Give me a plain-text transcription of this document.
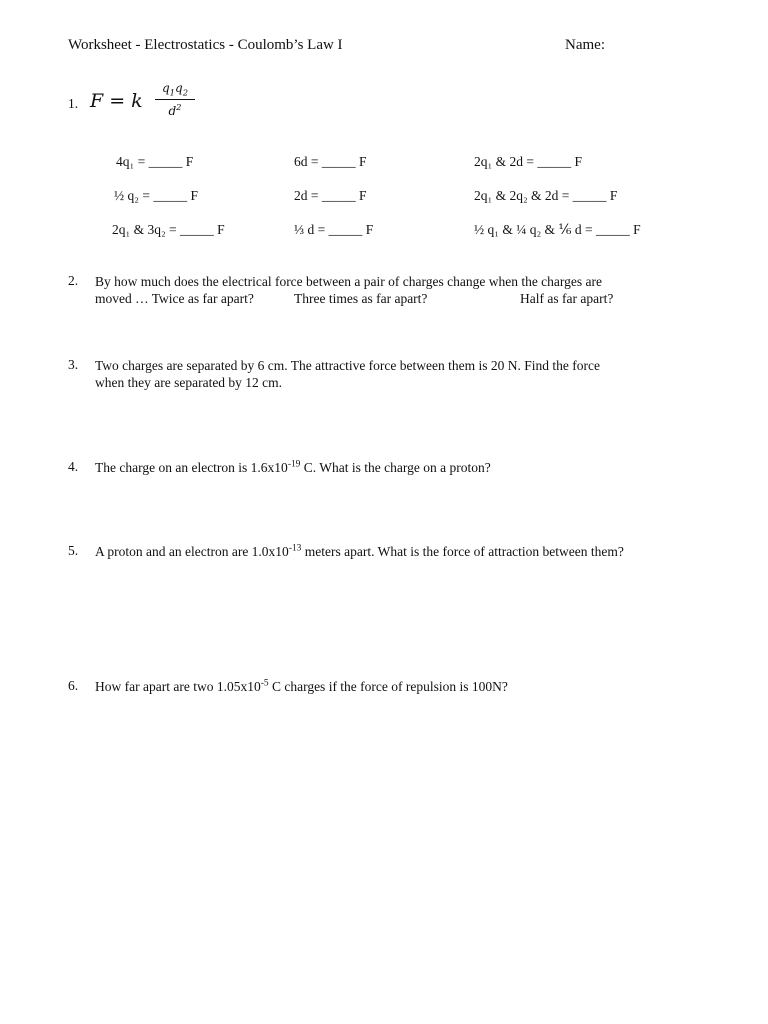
Worksheet - Electrostatics - Coulomb’s Law I	Name:
1. F = k
$q_1q_2$
$d^2$
4q₁ = _____ F	6d = _____ F	2q₁ & 2d = _____ F
½ q₂ = _____ F	2d = _____ F	2q₁ & 2q₂ & 2d = _____ F
2q₁ & 3q₂ = _____ F	⅓ d = _____ F	½ q₁ & ¼ q₂ & ⅙ d = _____ F
2. By how much does the electrical force between a pair of charges change when the charges are
moved … Twice as far apart?	Three times as far apart?	Half as far apart?
3. Two charges are separated by 6 cm. The attractive force between them is 20 N. Find the force
when they are separated by 12 cm.
4. The charge on an electron is $1.6x10^{-19}$ C. What is the charge on a proton?
5. A proton and an electron are $1.0x10^{-13}$ meters apart. What is the force of attraction between them?
6. How far apart are two $1.05x10^{-5}$ C charges if the force of repulsion is 100N?
